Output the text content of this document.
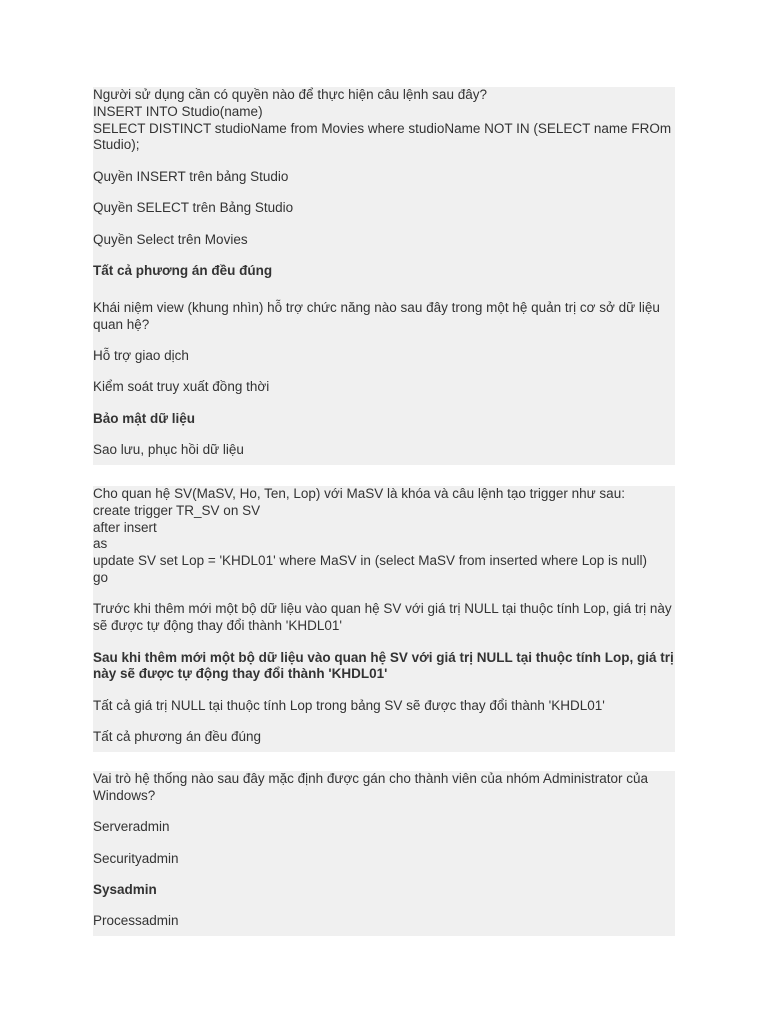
Người sử dụng cần có quyền nào để thực hiện câu lệnh sau đây?
INSERT INTO Studio(name)
SELECT DISTINCT studioName from Movies where studioName NOT IN (SELECT name FROm Studio);
Quyền INSERT trên bảng Studio
Quyền SELECT trên Bảng Studio
Quyền Select trên Movies
Tất cả phương án đều đúng
Khái niệm view (khung nhìn) hỗ trợ chức năng nào sau đây trong một hệ quản trị cơ sở dữ liệu quan hệ?
Hỗ trợ giao dịch
Kiểm soát truy xuất đồng thời
Bảo mật dữ liệu
Sao lưu, phục hồi dữ liệu
Cho quan hệ SV(MaSV, Ho, Ten, Lop) với MaSV là khóa và câu lệnh tạo trigger như sau:
create trigger TR_SV on SV
after insert
as
update SV set Lop = 'KHDL01' where MaSV in (select MaSV from inserted where Lop is null)
go
Trước khi thêm mới một bộ dữ liệu vào quan hệ SV với giá trị NULL tại thuộc tính Lop, giá trị này sẽ được tự động thay đổi thành 'KHDL01'
Sau khi thêm mới một bộ dữ liệu vào quan hệ SV với giá trị NULL tại thuộc tính Lop, giá trị này sẽ được tự động thay đổi thành 'KHDL01'
Tất cả giá trị NULL tại thuộc tính Lop trong bảng SV sẽ được thay đổi thành 'KHDL01'
Tất cả phương án đều đúng
Vai trò hệ thống nào sau đây mặc định được gán cho thành viên của nhóm Administrator của Windows?
Serveradmin
Securityadmin
Sysadmin
Processadmin
